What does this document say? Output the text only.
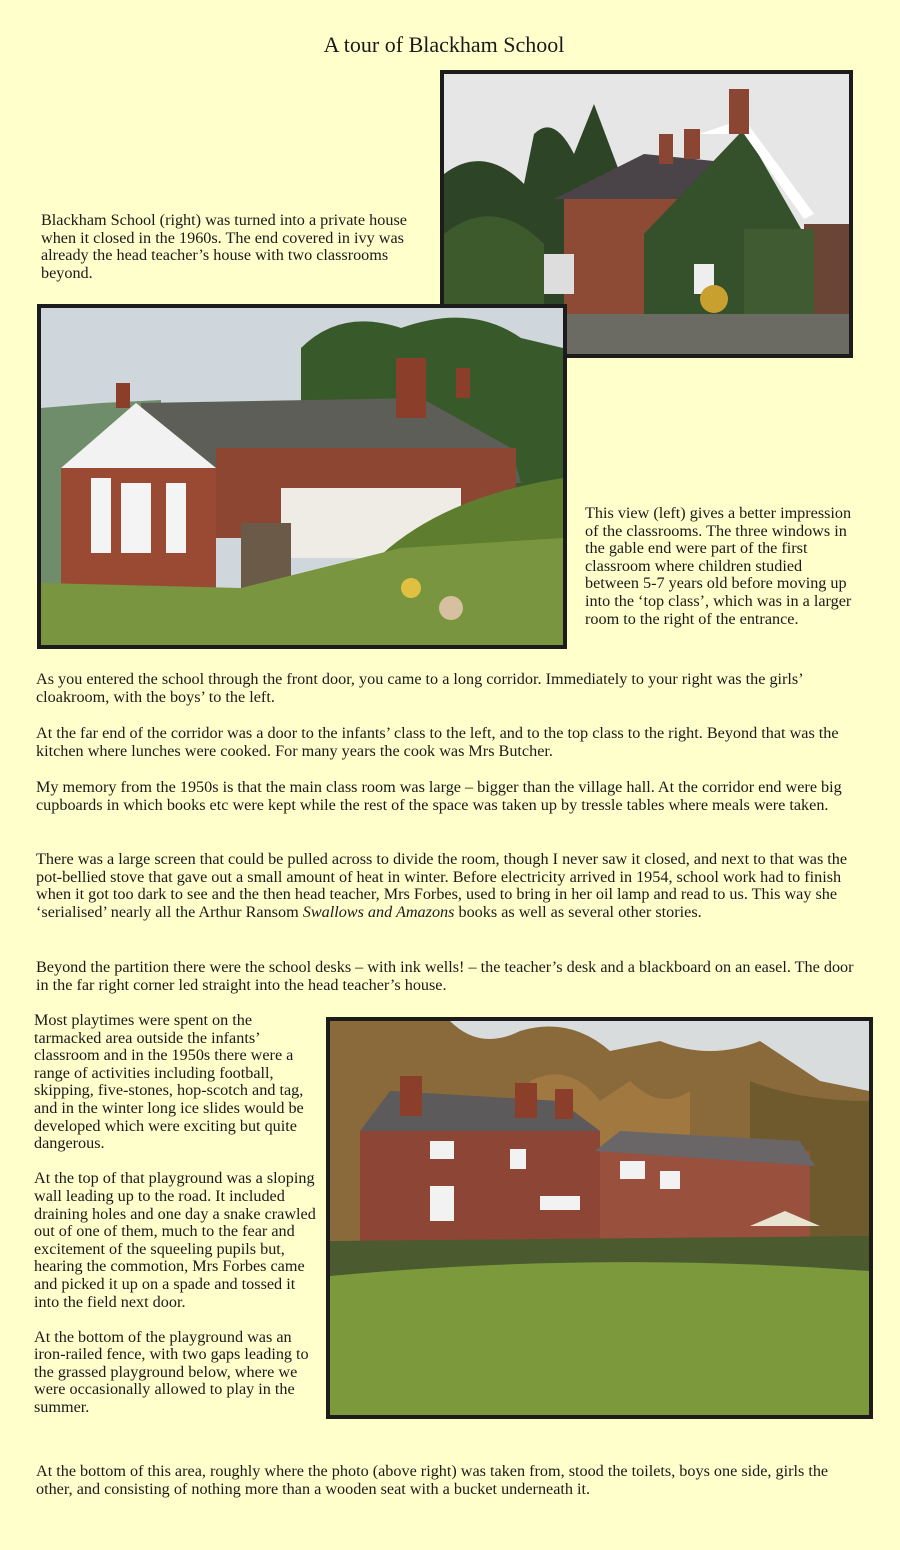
A tour of Blackham School
Blackham School (right) was turned into a private house when it closed in the 1960s. The end covered in ivy was already the head teacher’s house with two classrooms beyond.
This view (left) gives a better impression of the classrooms. The three windows in the gable end were part of the first classroom where children studied between 5-7 years old before moving up into the ‘top class’, which was in a larger room to the right of the entrance.

As you entered the school through the front door, you came to a long corridor. Immediately to your right was the girls’ cloakroom, with the boys’ to the left.

At the far end of the corridor was a door to the infants’ class to the left, and to the top class to the right. Beyond that was the kitchen where lunches were cooked. For many years the cook was Mrs Butcher.

My memory from the 1950s is that the main class room was large – bigger than the village hall. At the corridor end were big cupboards in which books etc were kept while the rest of the space was taken up by tressle tables where meals were taken.

There was a large screen that could be pulled across to divide the room, though I never saw it closed, and next to that was the pot-bellied stove that gave out a small amount of heat in winter. Before electricity arrived in 1954, school work had to finish when it got too dark to see and the then head teacher, Mrs Forbes, used to bring in her oil lamp and read to us. This way she ‘serialised’ nearly all the Arthur Ransom Swallows and Amazons books as well as several other stories.

Beyond the partition there were the school desks – with ink wells! – the teacher’s desk and a blackboard on an easel. The door in the far right corner led straight into the head teacher’s house.

Most playtimes were spent on the tarmacked area outside the infants’ classroom and in the 1950s there were a range of activities including football, skipping, five-stones, hop-scotch and tag, and in the winter long ice slides would be developed which were exciting but quite dangerous.

At the top of that playground was a sloping wall leading up to the road. It included draining holes and one day a snake crawled out of one of them, much to the fear and excitement of the squeeling pupils but, hearing the commotion, Mrs Forbes came and picked it up on a spade and tossed it into the field next door.

At the bottom of the playground was an iron-railed fence, with two gaps leading to the grassed playground below, where we were occasionally allowed to play in the summer.

At the bottom of this area, roughly where the photo (above right) was taken from, stood the toilets, boys one side, girls the other, and consisting of nothing more than a wooden seat with a bucket underneath it.
